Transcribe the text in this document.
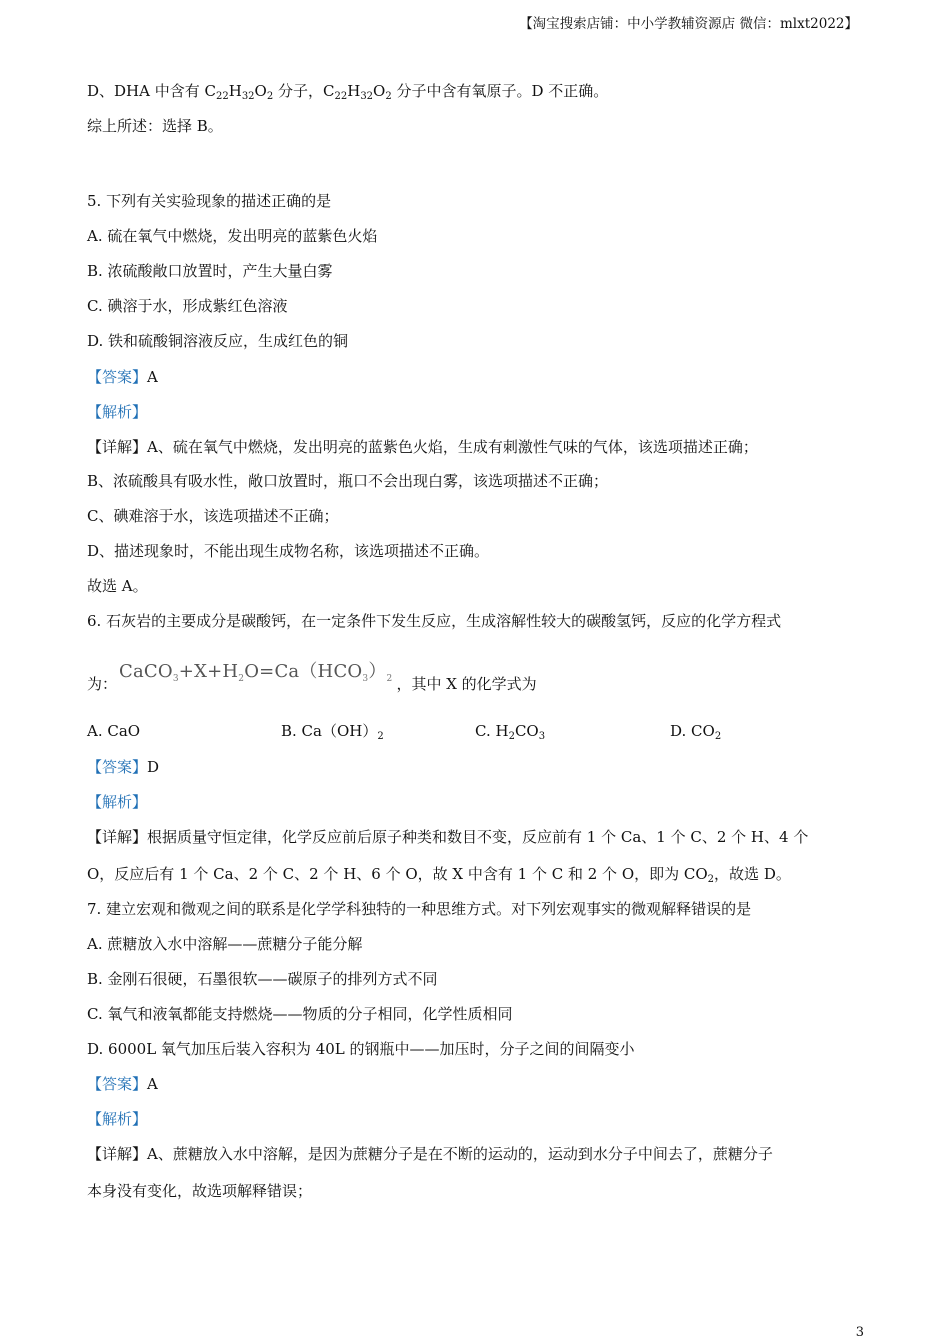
【淘宝搜索店铺：中小学教辅资源店 微信：mlxt2022】
D、DHA 中含有 $C_{22}H_{32}O_2$ 分子，$C_{22}H_{32}O_2$ 分子中含有氧原子。D 不正确。
综上所述：选择 B。
5. 下列有关实验现象的描述正确的是
A. 硫在氧气中燃烧，发出明亮的蓝紫色火焰
B. 浓硫酸敞口放置时，产生大量白雾
C. 碘溶于水，形成紫红色溶液
D. 铁和硫酸铜溶液反应，生成红色的铜
【答案】A
【解析】
【详解】A、硫在氧气中燃烧，发出明亮的蓝紫色火焰，生成有刺激性气味的气体，该选项描述正确；
B、浓硫酸具有吸水性，敞口放置时，瓶口不会出现白雾，该选项描述不正确；
C、碘难溶于水，该选项描述不正确；
D、描述现象时，不能出现生成物名称，该选项描述不正确。
故选 A。
6. 石灰岩的主要成分是碳酸钙，在一定条件下发生反应，生成溶解性较大的碳酸氢钙，反应的化学方程式
为：$CaCO_3+X+H_2O=Ca(HCO_3)_2$ ，其中 X 的化学式为
A. CaO	B. $Ca(OH)_2$	C. $H_2CO_3$	D. $CO_2$
【答案】D
【解析】
【详解】根据质量守恒定律，化学反应前后原子种类和数目不变，反应前有 1 个 Ca、1 个 C、2 个 H、4 个
O，反应后有 1 个 Ca、2 个 C、2 个 H、6 个 O，故 X 中含有 1 个 C 和 2 个 O，即为 $CO_2$，故选 D。
7. 建立宏观和微观之间的联系是化学学科独特的一种思维方式。对下列宏观事实的微观解释错误的是
A. 蔗糖放入水中溶解——蔗糖分子能分解
B. 金刚石很硬，石墨很软——碳原子的排列方式不同
C. 氧气和液氧都能支持燃烧——物质的分子相同，化学性质相同
D. 6000L 氧气加压后装入容积为 40L 的钢瓶中——加压时，分子之间的间隔变小
【答案】A
【解析】
【详解】A、蔗糖放入水中溶解，是因为蔗糖分子是在不断的运动的，运动到水分子中间去了，蔗糖分子
本身没有变化，故选项解释错误；
3
